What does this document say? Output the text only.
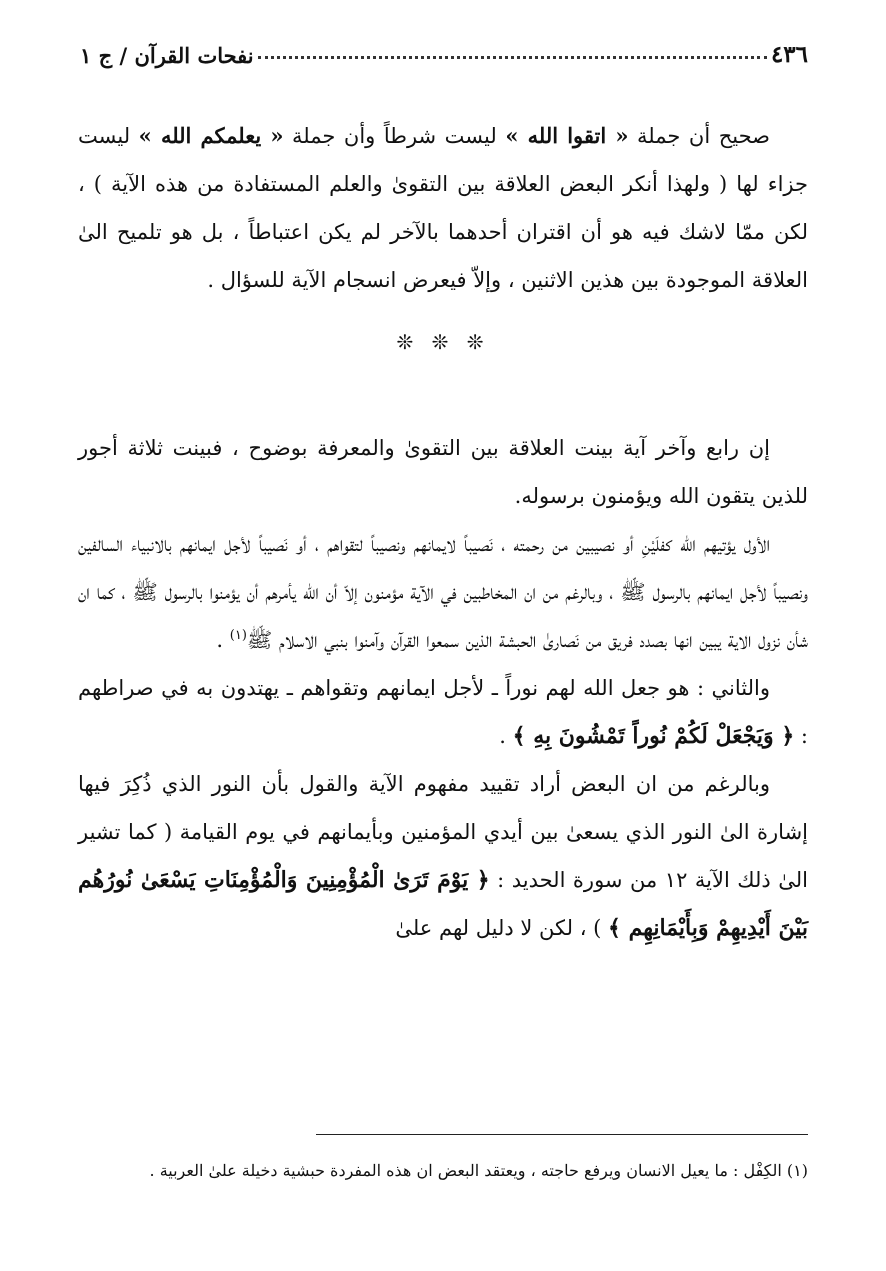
٤٣٦
نفحات القرآن / ج ١

صحيح أن جملة « اتقوا الله » ليست شرطاً وأن جملة « يعلمكم الله » ليست جزاء لها ( ولهذا أنكر البعض العلاقة بين التقوىٰ والعلم المستفادة من هذه الآية ) ، لكن ممّا لاشك فيه هو أن اقتران أحدهما بالآخر لم يكن اعتباطاً ، بل هو تلميح الىٰ العلاقة الموجودة بين هذين الاثنين ، وإلاّ فيعرض انسجام الآية للسؤال .

❊ ❊ ❊

إن رابع وآخر آية بينت العلاقة بين التقوىٰ والمعرفة بوضوح ، فبينت ثلاثة أجور للذين يتقون الله ويؤمنون برسوله.

الأول يؤتيهم الله كفلَيْنِ أو نصيبين من رحمته ، نَصيباً لايمانهم ونصيباً لتقواهم ، أو نَصيباً لأجل ايمانهم بالانبياء السالفين ونصيباً لأجل ايمانهم بالرسول ﷺ ، وبالرغم من ان المخاطبين في الآية مؤمنون إلاّ أن الله يأمرهم أن يؤمنوا بالرسول ﷺ ، كما ان شأن نزول الاية يبين انها بصدد فريق من نَصارىٰ الحبشة الذين سمعوا القرآن وآمنوا بنبي الاسلام ﷺ$^{(١)}$ .

والثاني : هو جعل الله لهم نوراً ـ لأجل ايمانهم وتقواهم ـ يهتدون به في صراطهم : ﴿ وَيَجْعَلْ لَكُمْ نُوراً تَمْشُونَ بِهِ ﴾ .

وبالرغم من ان البعض أراد تقييد مفهوم الآية والقول بأن النور الذي ذُكِرَ فيها إشارة الىٰ النور الذي يسعىٰ بين أيدي المؤمنين وبأيمانهم في يوم القيامة ( كما تشير الىٰ ذلك الآية ١٢ من سورة الحديد : ﴿ يَوْمَ تَرَىٰ الْمُؤْمِنِينَ وَالْمُؤْمِنَاتِ يَسْعَىٰ نُورُهُم بَيْنَ أَيْدِيهِمْ وَبِأَيْمَانِهِم ﴾ ) ، لكن لا دليل لهم علىٰ

(١) الكِفْل : ما يعيل الانسان ويرفع حاجته ، ويعتقد البعض ان هذه المفردة حبشية دخيلة علىٰ العربية .
